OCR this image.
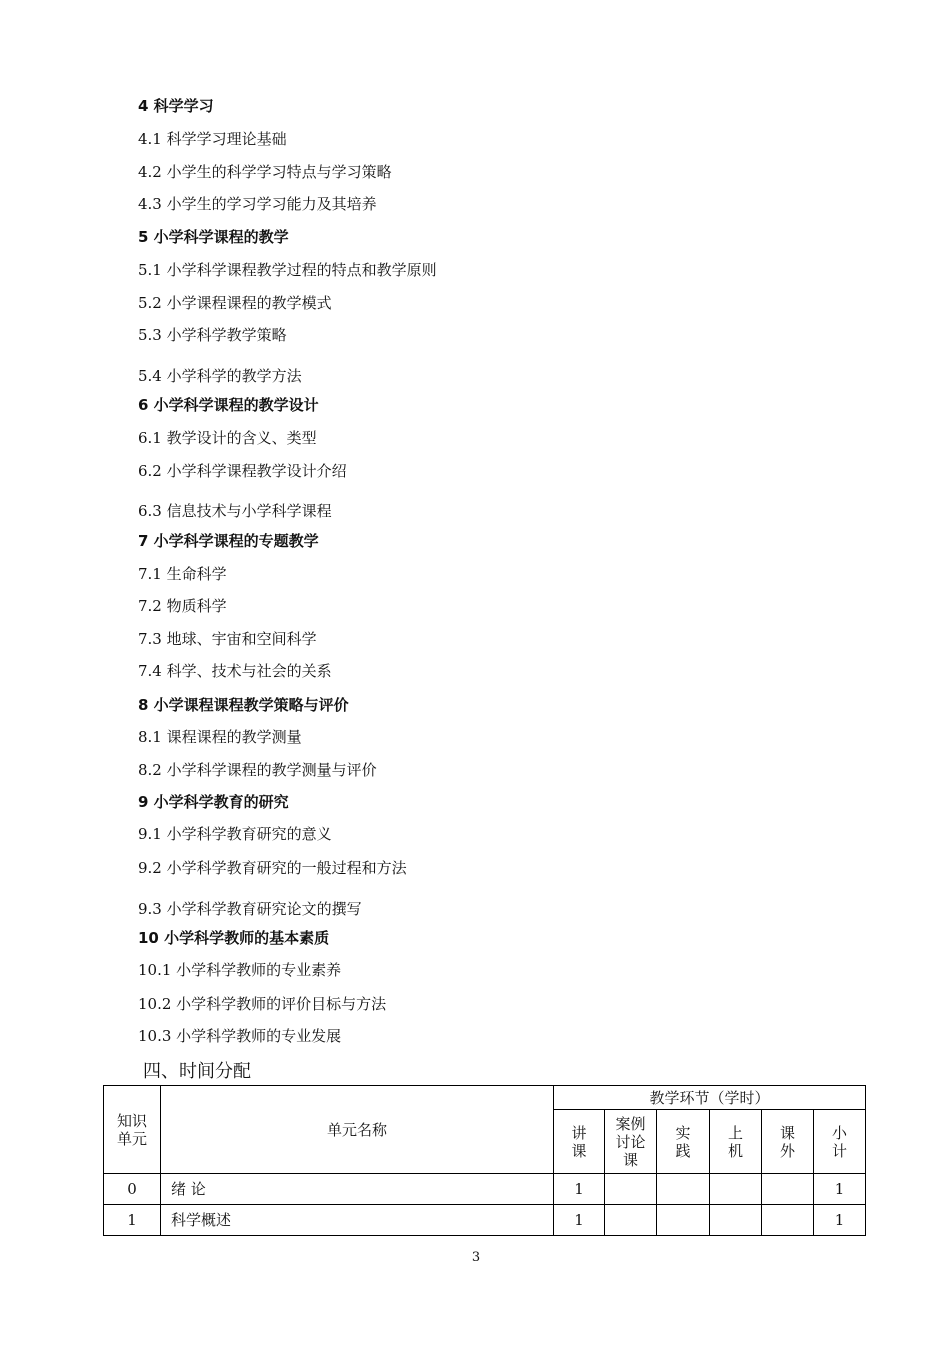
4 科学学习
4.1 科学学习理论基础
4.2 小学生的科学学习特点与学习策略
4.3 小学生的学习学习能力及其培养
5 小学科学课程的教学
5.1 小学科学课程教学过程的特点和教学原则
5.2 小学课程课程的教学模式
5.3 小学科学教学策略
5.4 小学科学的教学方法
6 小学科学课程的教学设计
6.1 教学设计的含义、类型
6.2 小学科学课程教学设计介绍
6.3 信息技术与小学科学课程
7 小学科学课程的专题教学
7.1 生命科学
7.2 物质科学
7.3 地球、宇宙和空间科学
7.4 科学、技术与社会的关系
8 小学课程课程教学策略与评价
8.1 课程课程的教学测量
8.2 小学科学课程的教学测量与评价
9 小学科学教育的研究
9.1 小学科学教育研究的意义
9.2 小学科学教育研究的一般过程和方法
9.3 小学科学教育研究论文的撰写
10 小学科学教师的基本素质
10.1 小学科学教师的专业素养
10.2 小学科学教师的评价目标与方法
10.3 小学科学教师的专业发展
四、时间分配
知识单元	单元名称	教学环节（学时）					
		讲课	案例讨论课	实践	上机	课外	小计
0	绪 论	1					1
1	科学概述	1					1
3
